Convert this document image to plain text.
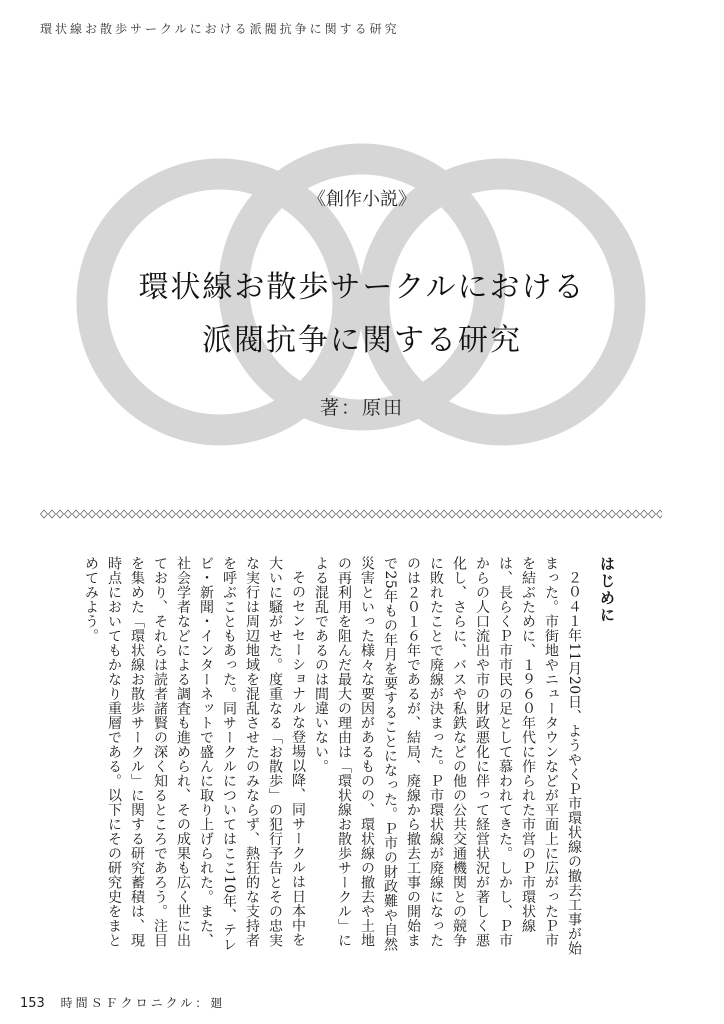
環状線お散歩サークルにおける派閥抗争に関する研究
《創作小説》
環状線お散歩サークルにおける
派閥抗争に関する研究
著：原田
はじめに

２０４１年11月20日、ようやくＰ市環状線の撤去工事が始まった。市街地やニュータウンなどが平面上に広がったＰ市を結ぶために、１９６０年代に作られた市営のＰ市環状線は、長らくＰ市市民の足として慕われてきた。しかし、Ｐ市からの人口流出や市の財政悪化に伴って経営状況が著しく悪化し、さらに、バスや私鉄などの他の公共交通機関との競争に敗れたことで廃線が決まった。Ｐ市環状線が廃線になったのは２０１６年であるが、結局、廃線から撤去工事の開始まで25年もの年月を要することになった。Ｐ市の財政難や自然災害といった様々な要因があるものの、環状線の撤去や土地の再利用を阻んだ最大の理由は「環状線お散歩サークル」による混乱であるのは間違いない。

そのセンセーショナルな登場以降、同サークルは日本中を大いに騒がせた。度重なる「お散歩」の犯行予告とその忠実な実行は周辺地域を混乱させたのみならず、熱狂的な支持者を呼ぶこともあった。同サークルについてはここ10年、テレビ・新聞・インターネットで盛んに取り上げられた。また、社会学者などによる調査も進められ、その成果も広く世に出ており、それらは読者諸賢の深く知るところであろう。注目を集めた「環状線お散歩サークル」に関する研究蓄積は、現時点においてもかなり重層である。以下にその研究史をまとめてみよう。

153 時間ＳＦクロニクル：廻
